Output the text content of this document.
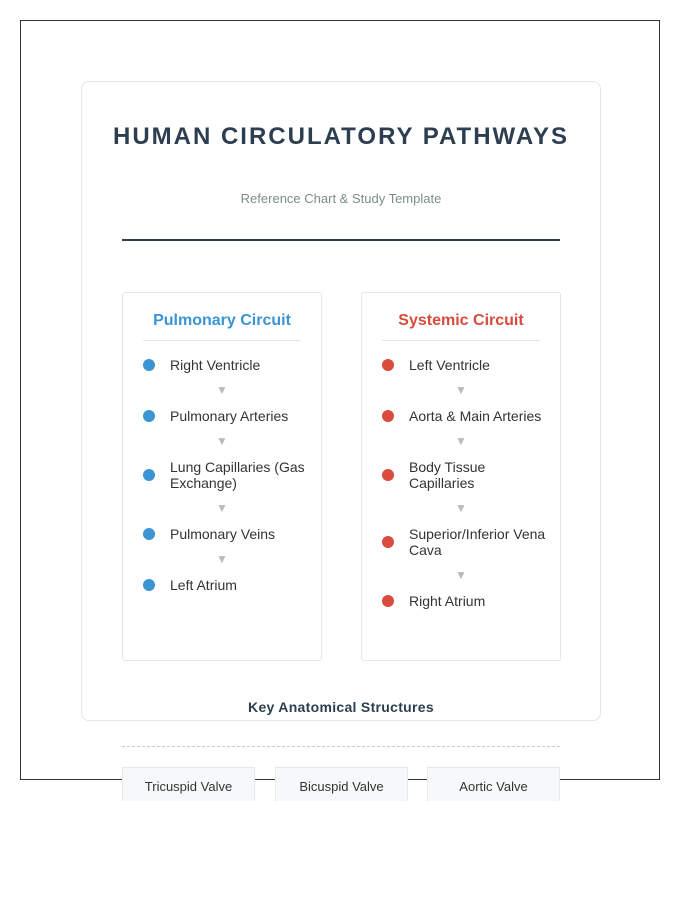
HUMAN CIRCULATORY PATHWAYS

Reference Chart & Study Template

Pulmonary Circuit
Right Ventricle
▼
Pulmonary Arteries
▼
Lung Capillaries (Gas Exchange)
▼
Pulmonary Veins
▼
Left Atrium
Systemic Circuit
Left Ventricle
▼
Aorta & Main Arteries
▼
Body Tissue Capillaries
▼
Superior/Inferior Vena Cava
▼
Right Atrium
Key Anatomical Structures
Tricuspid Valve	Bicuspid Valve	Aortic Valve
